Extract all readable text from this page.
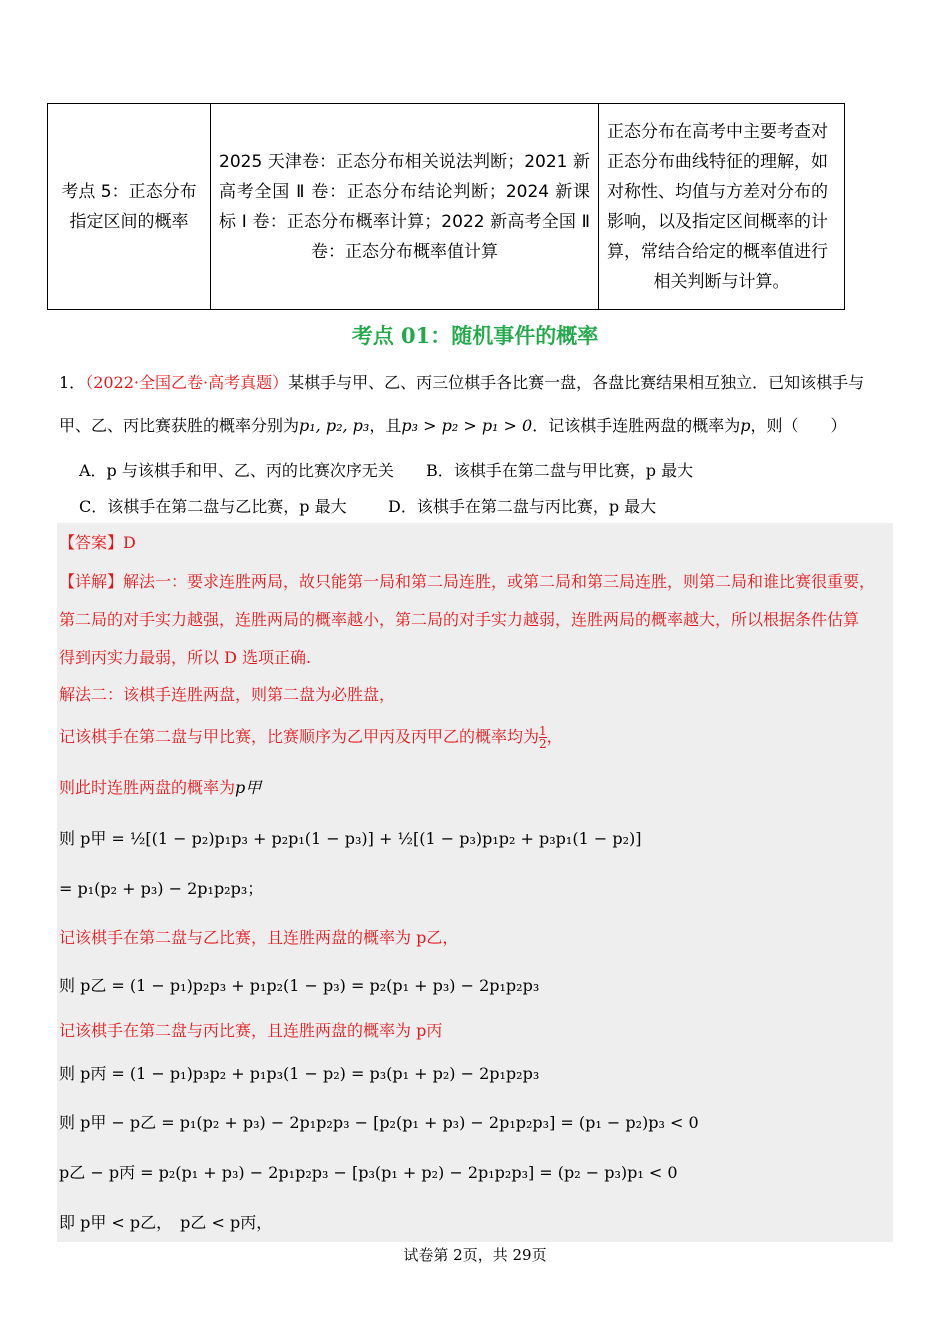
考点 5：正态分布指定区间的概率
2025 天津卷：正态分布相关说法判断；2021 新高考全国 Ⅱ 卷：正态分布结论判断；2024 新课标 Ⅰ 卷：正态分布概率计算；2022 新高考全国 Ⅱ 卷：正态分布概率值计算
正态分布在高考中主要考查对正态分布曲线特征的理解，如对称性、均值与方差对分布的影响，以及指定区间概率的计算，常结合给定的概率值进行相关判断与计算。
考点 01：随机事件的概率
1．（2022·全国乙卷·高考真题）某棋手与甲、乙、丙三位棋手各比赛一盘，各盘比赛结果相互独立．已知该棋手与
甲、乙、丙比赛获胜的概率分别为p₁, p₂, p₃，且p₃ > p₂ > p₁ > 0．记该棋手连胜两盘的概率为p，则（　　）
A．p 与该棋手和甲、乙、丙的比赛次序无关 B．该棋手在第二盘与甲比赛，p 最大
C．该棋手在第二盘与乙比赛，p 最大	D．该棋手在第二盘与丙比赛，p 最大
【答案】D
【详解】解法一：要求连胜两局，故只能第一局和第二局连胜，或第二局和第三局连胜，则第二局和谁比赛很重要，
第二局的对手实力越强，连胜两局的概率越小，第二局的对手实力越弱，连胜两局的概率越大，所以根据条件估算
得到丙实力最弱，所以 D 选项正确.
解法二：该棋手连胜两盘，则第二盘为必胜盘，
记该棋手在第二盘与甲比赛，比赛顺序为乙甲丙及丙甲乙的概率均为 $\frac{1}{2}$ ，
则此时连胜两盘的概率为p甲
则 p甲 = ½[(1 − p₂)p₁p₃ + p₂p₁(1 − p₃)] + ½[(1 − p₃)p₁p₂ + p₃p₁(1 − p₂)]
= p₁(p₂ + p₃) − 2p₁p₂p₃；
记该棋手在第二盘与乙比赛，且连胜两盘的概率为 p乙，
则 p乙 = (1 − p₁)p₂p₃ + p₁p₂(1 − p₃) = p₂(p₁ + p₃) − 2p₁p₂p₃
记该棋手在第二盘与丙比赛，且连胜两盘的概率为 p丙
则 p丙 = (1 − p₁)p₃p₂ + p₁p₃(1 − p₂) = p₃(p₁ + p₂) − 2p₁p₂p₃
则 p甲 − p乙 = p₁(p₂ + p₃) − 2p₁p₂p₃ − [p₂(p₁ + p₃) − 2p₁p₂p₃] = (p₁ − p₂)p₃ < 0
p乙 − p丙 = p₂(p₁ + p₃) − 2p₁p₂p₃ − [p₃(p₁ + p₂) − 2p₁p₂p₃] = (p₂ − p₃)p₁ < 0
即 p甲 < p乙，　p乙 < p丙，
试卷第 2页，共 29页
